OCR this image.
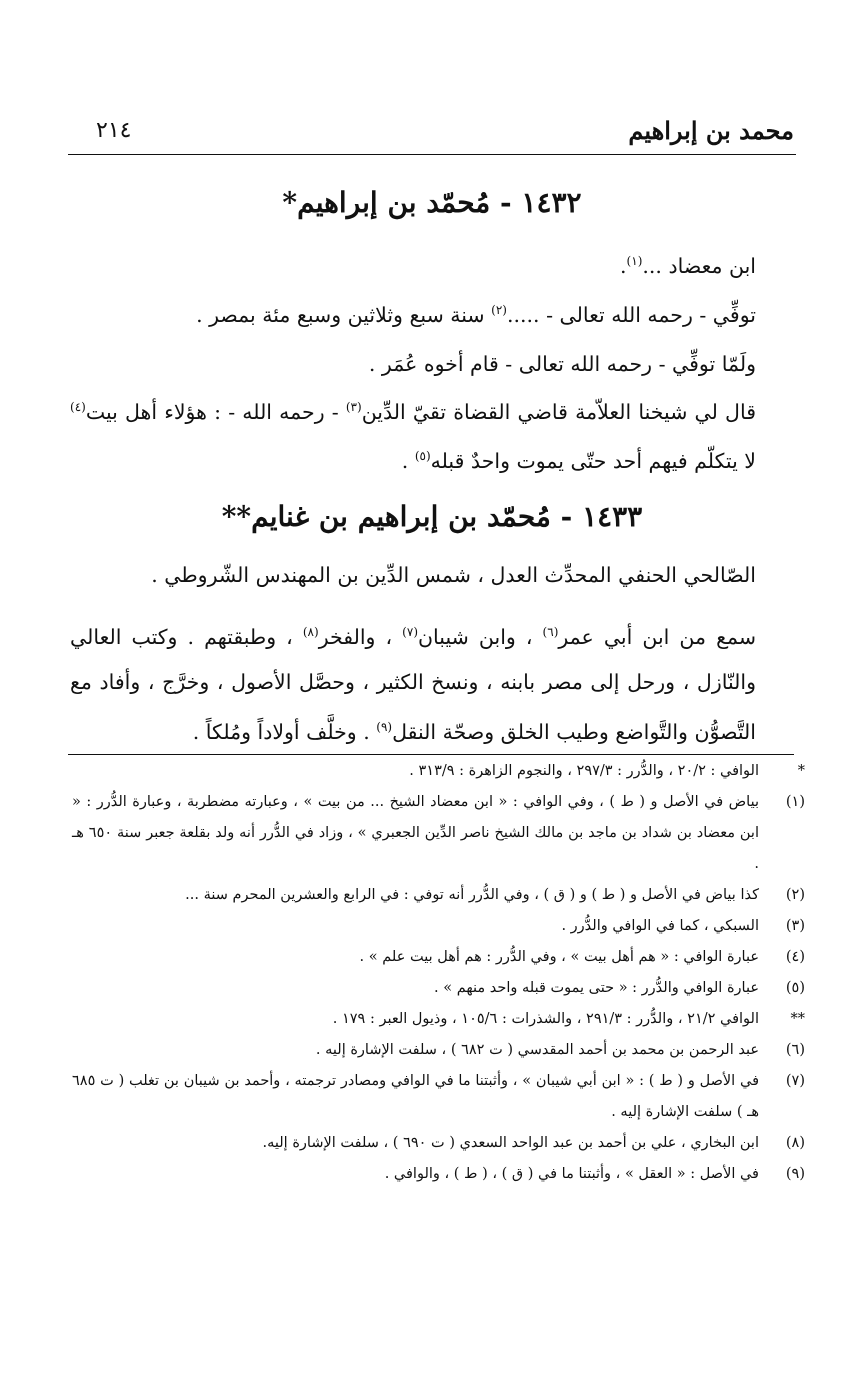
محمد بن إبراهيم
٢١٤
١٤٣٢ - مُحمّد بن إبراهيم*
ابن معضاد ...$^{(١)}$.
توفِّي - رحمه الله تعالى - .....$^{(٢)}$ سنة سبع وثلاثين وسبع مئة بمصر .
ولَمّا توفِّي - رحمه الله تعالى - قام أخوه عُمَر .
قال لي شيخنا العلاّمة قاضي القضاة تقيّ الدِّين$^{(٣)}$ - رحمه الله - : هؤلاء أهل بيت$^{(٤)}$ لا يتكلّم فيهم أحد حتّى يموت واحدٌ قبله$^{(٥)}$ .
١٤٣٣ - مُحمّد بن إبراهيم بن غنايم**
الصّالحي الحنفي المحدِّث العدل ، شمس الدِّين بن المهندس الشّروطي .
سمع من ابن أبي عمر$^{(٦)}$ ، وابن شيبان$^{(٧)}$ ، والفخر$^{(٨)}$ ، وطبقتهم . وكتب العالي والنّازل ، ورحل إلى مصر بابنه ، ونسخ الكثير ، وحصَّل الأصول ، وخرَّج ، وأفاد مع التَّصوُّن والتَّواضع وطيب الخلق وصحّة النقل$^{(٩)}$ . وخلَّف أولاداً ومُلكاً .
*
الوافي : ٢٠/٢ ، والدُّرر : ٢٩٧/٣ ، والنجوم الزاهرة : ٣١٣/٩ .
(١)
بياض في الأصل و ( ط ) ، وفي الوافي : « ابن معضاد الشيخ ... من بيت » ، وعبارته مضطربة ، وعبارة الدُّرر : « ابن معضاد بن شداد بن ماجد بن مالك الشيخ ناصر الدِّين الجعبري » ، وزاد في الدُّرر أنه ولد بقلعة جعبر سنة ٦٥٠ هـ .
(٢)
كذا بياض في الأصل و ( ط ) و ( ق ) ، وفي الدُّرر أنه توفي : في الرابع والعشرين المحرم سنة ...
(٣)
السبكي ، كما في الوافي والدُّرر .
(٤)
عبارة الوافي : « هم أهل بيت » ، وفي الدُّرر : هم أهل بيت علم » .
(٥)
عبارة الوافي والدُّرر : « حتى يموت قبله واحد منهم » .
**
الوافي ٢١/٢ ، والدُّرر : ٢٩١/٣ ، والشذرات : ١٠٥/٦ ، وذيول العبر : ١٧٩ .
(٦)
عبد الرحمن بن محمد بن أحمد المقدسي ( ت ٦٨٢ ) ، سلفت الإشارة إليه .
(٧)
في الأصل و ( ط ) : « ابن أبي شيبان » ، وأثبتنا ما في الوافي ومصادر ترجمته ، وأحمد بن شيبان بن تغلب ( ت ٦٨٥ هـ ) سلفت الإشارة إليه .
(٨)
ابن البخاري ، علي بن أحمد بن عبد الواحد السعدي ( ت ٦٩٠ ) ، سلفت الإشارة إليه.
(٩)
في الأصل : « العقل » ، وأثبتنا ما في ( ق ) ، ( ط ) ، والوافي .
